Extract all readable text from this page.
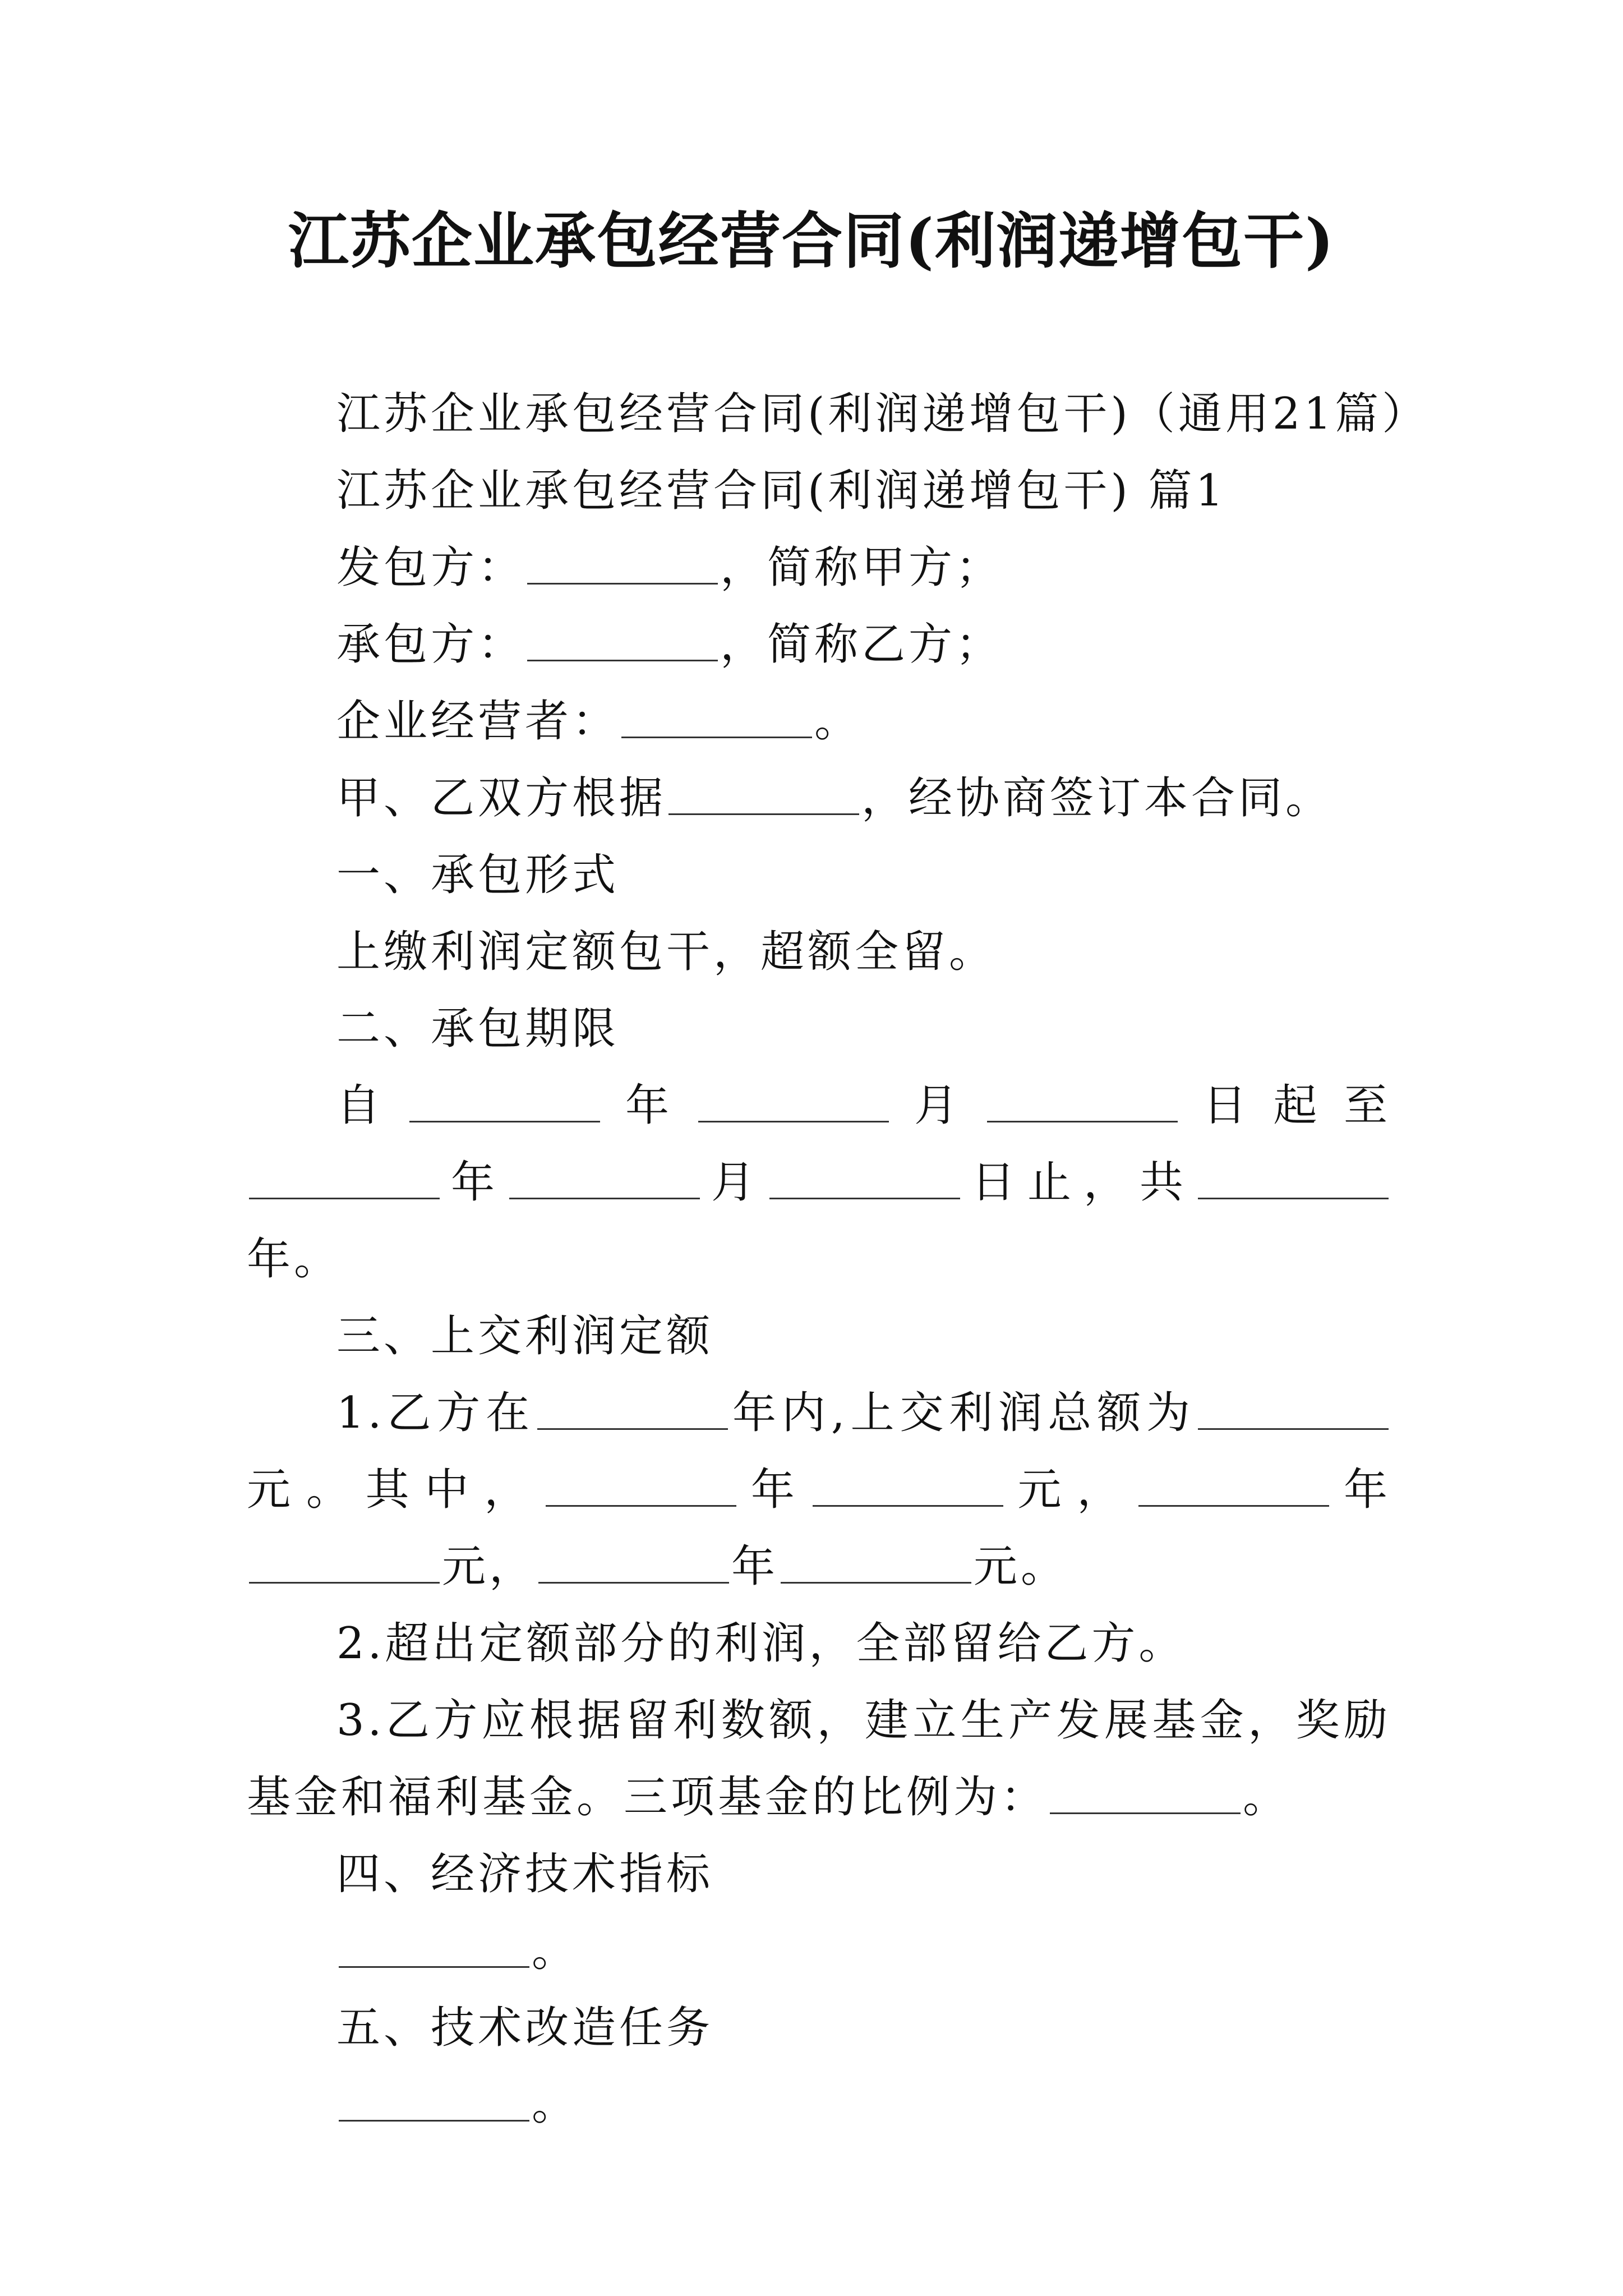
江苏企业承包经营合同(利润递增包干)

江苏企业承包经营合同(利润递增包干)（通用21篇）

江苏企业承包经营合同(利润递增包干) 篇1

发包方：	，简称甲方；

承包方：	，简称乙方；

企业经营者：	。

甲、乙双方根据	，经协商签订本合同。

一、承包形式

上缴利润定额包干，超额全留。

二、承包期限

自	年	月	日起至年	月	日止，共年。

三、上交利润定额

1.乙方在	年内,上交利润总额为元。其中，	年	元，	年元，	年	元。

2.超出定额部分的利润，全部留给乙方。

3.乙方应根据留利数额，建立生产发展基金，奖励基金和福利基金。三项基金的比例为：	。

四、经济技术指标

。

五、技术改造任务

。
